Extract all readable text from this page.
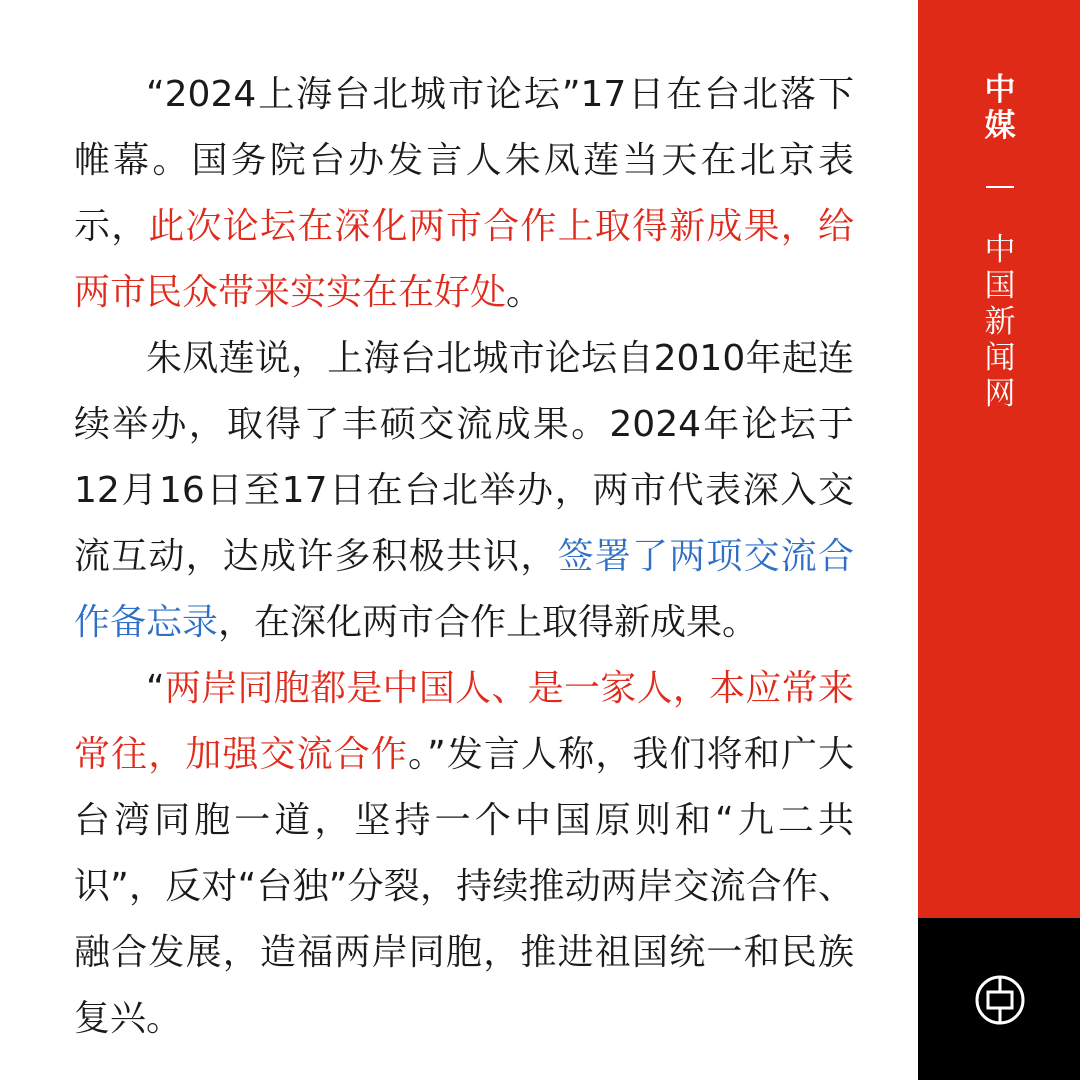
“2024上海台北城市论坛”17日在台北落下帷幕。国务院台办发言人朱凤莲当天在北京表示，此次论坛在深化两市合作上取得新成果，给两市民众带来实实在在好处。

朱凤莲说，上海台北城市论坛自2010年起连续举办，取得了丰硕交流成果。2024年论坛于12月16日至17日在台北举办，两市代表深入交流互动，达成许多积极共识，签署了两项交流合作备忘录，在深化两市合作上取得新成果。

“两岸同胞都是中国人、是一家人，本应常来常往，加强交流合作。”发言人称，我们将和广大台湾同胞一道，坚持一个中国原则和“九二共识”，反对“台独”分裂，持续推动两岸交流合作、融合发展，造福两岸同胞，推进祖国统一和民族复兴。

中媒
中国新闻网
